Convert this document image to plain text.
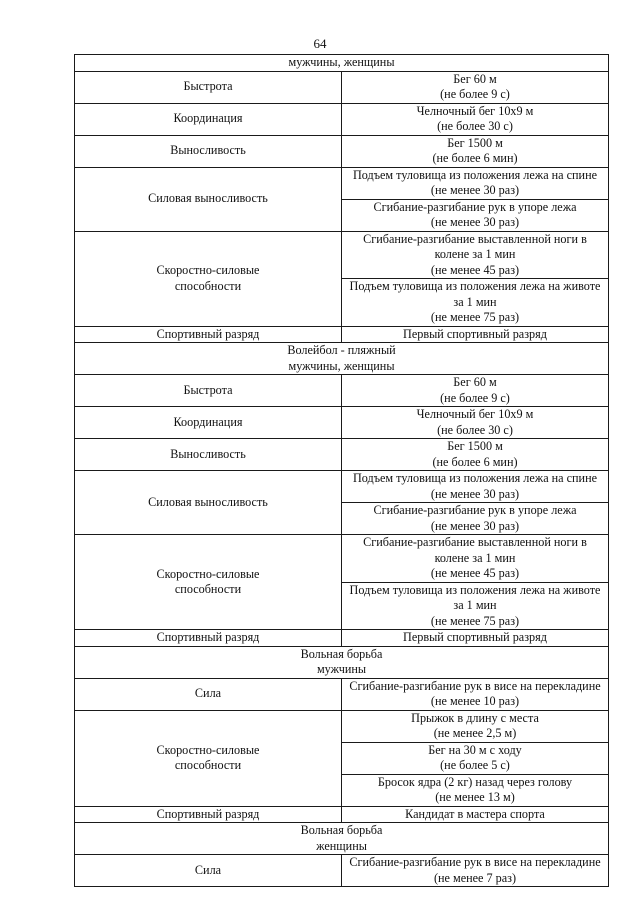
64
мужчины, женщины	

Быстрота	Бег 60 м
(не более 9 с)

Координация	Челночный бег 10х9 м
(не более 30 с)

Выносливость	Бег 1500 м
(не более 6 мин)

Силовая выносливость	Подъем туловища из положения лежа на спине
(не менее 30 раз)

	Сгибание-разгибание рук в упоре лежа
(не менее 30 раз)

Скоростно-силовые
способности	Сгибание-разгибание выставленной ноги в колене за 1 мин
(не менее 45 раз)

	Подъем туловища из положения лежа на животе за 1 мин
(не менее 75 раз)

Спортивный разряд	Первый спортивный разряд

Волейбол - пляжный
мужчины, женщины	

Быстрота	Бег 60 м
(не более 9 с)

Координация	Челночный бег 10х9 м
(не более 30 с)

Выносливость	Бег 1500 м
(не более 6 мин)

Силовая выносливость	Подъем туловища из положения лежа на спине
(не менее 30 раз)

	Сгибание-разгибание рук в упоре лежа
(не менее 30 раз)

Скоростно-силовые
способности	Сгибание-разгибание выставленной ноги в колене за 1 мин
(не менее 45 раз)

	Подъем туловища из положения лежа на животе за 1 мин
(не менее 75 раз)

Спортивный разряд	Первый спортивный разряд

Вольная борьба
мужчины	

Сила	Сгибание-разгибание рук в висе на перекладине
(не менее 10 раз)

Скоростно-силовые
способности	Прыжок в длину с места
(не менее 2,5 м)

	Бег на 30 м с ходу
(не более 5 с)

	Бросок ядра (2 кг) назад через голову
(не менее 13 м)

Спортивный разряд	Кандидат в мастера спорта

Вольная борьба
женщины	

Сила	Сгибание-разгибание рук в висе на перекладине
(не менее 7 раз)
